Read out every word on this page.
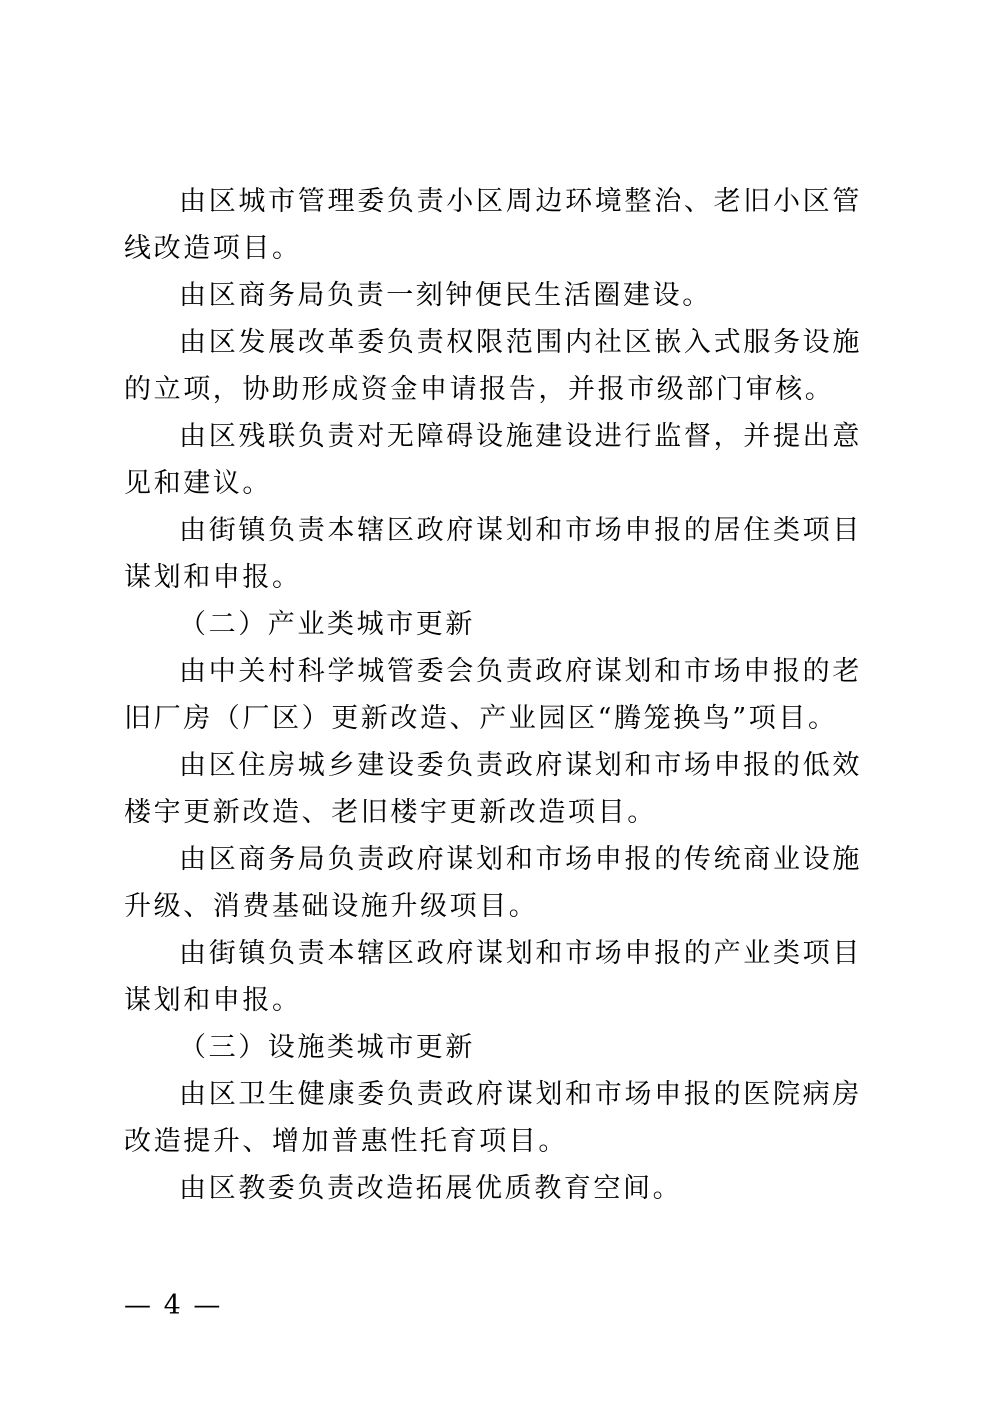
由区城市管理委负责小区周边环境整治、老旧小区管线改造项目。

由区商务局负责一刻钟便民生活圈建设。

由区发展改革委负责权限范围内社区嵌入式服务设施的立项，协助形成资金申请报告，并报市级部门审核。

由区残联负责对无障碍设施建设进行监督，并提出意见和建议。

由街镇负责本辖区政府谋划和市场申报的居住类项目谋划和申报。

（二）产业类城市更新

由中关村科学城管委会负责政府谋划和市场申报的老旧厂房（厂区）更新改造、产业园区“腾笼换鸟”项目。

由区住房城乡建设委负责政府谋划和市场申报的低效楼宇更新改造、老旧楼宇更新改造项目。

由区商务局负责政府谋划和市场申报的传统商业设施升级、消费基础设施升级项目。

由街镇负责本辖区政府谋划和市场申报的产业类项目谋划和申报。

（三）设施类城市更新

由区卫生健康委负责政府谋划和市场申报的医院病房改造提升、增加普惠性托育项目。

由区教委负责改造拓展优质教育空间。

— 4 —
